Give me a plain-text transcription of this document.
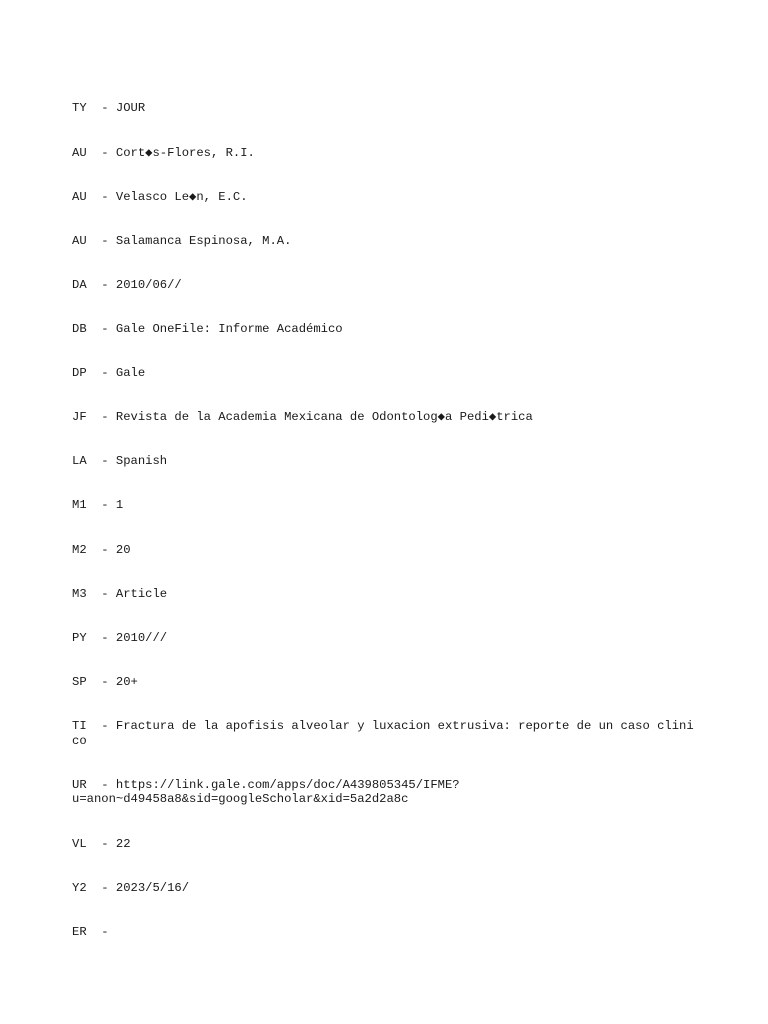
TY  - JOUR

AU  - Cort◆s-Flores, R.I.

AU  - Velasco Le◆n, E.C.

AU  - Salamanca Espinosa, M.A.

DA  - 2010/06//

DB  - Gale OneFile: Informe Académico

DP  - Gale

JF  - Revista de la Academia Mexicana de Odontolog◆a Pedi◆trica

LA  - Spanish

M1  - 1

M2  - 20

M3  - Article

PY  - 2010///

SP  - 20+

TI  - Fractura de la apofisis alveolar y luxacion extrusiva: reporte de un caso clinico

UR  - https://link.gale.com/apps/doc/A439805345/IFME?
u=anon~d49458a8&sid=googleScholar&xid=5a2d2a8c

VL  - 22

Y2  - 2023/5/16/

ER  -
